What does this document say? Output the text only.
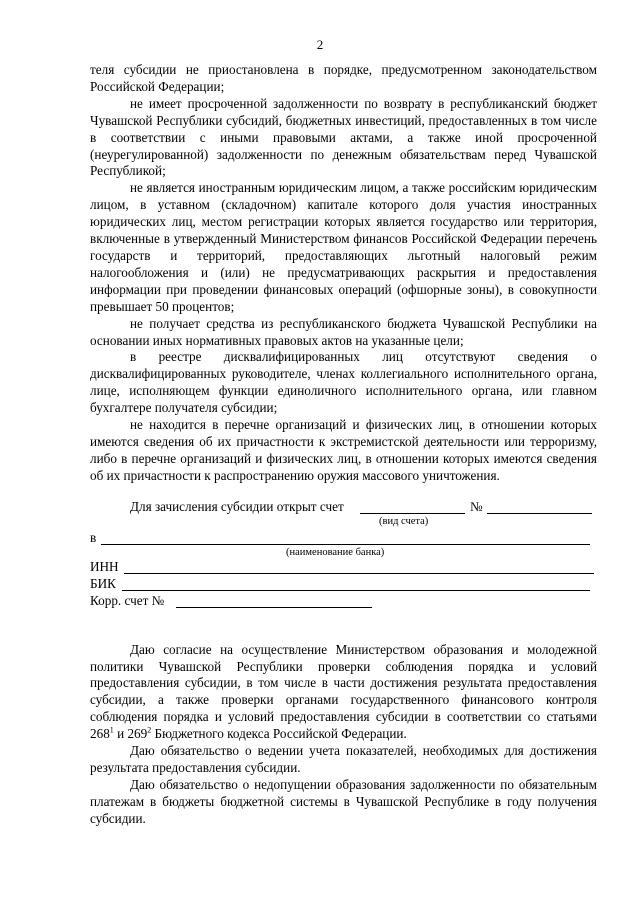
2

теля субсидии не приостановлена в порядке, предусмотренном законодательством Российской Федерации;

не имеет просроченной задолженности по возврату в республиканский бюджет Чувашской Республики субсидий, бюджетных инвестиций, предоставленных в том числе в соответствии с иными правовыми актами, а также иной просроченной (неурегулированной) задолженности по денежным обязательствам перед Чувашской Республикой;

не является иностранным юридическим лицом, а также российским юридическим лицом, в уставном (складочном) капитале которого доля участия иностранных юридических лиц, местом регистрации которых является государство или территория, включенные в утвержденный Министерством финансов Российской Федерации перечень государств и территорий, предоставляющих льготный налоговый режим налогообложения и (или) не предусматривающих раскрытия и предоставления информации при проведении финансовых операций (офшорные зоны), в совокупности превышает 50 процентов;

не получает средства из республиканского бюджета Чувашской Республики на основании иных нормативных правовых актов на указанные цели;

в реестре дисквалифицированных лиц отсутствуют сведения о дисквалифицированных руководителе, членах коллегиального исполнительного органа, лице, исполняющем функции единоличного исполнительного органа, или главном бухгалтере получателя субсидии;

не находится в перечне организаций и физических лиц, в отношении которых имеются сведения об их причастности к экстремистской деятельности или терроризму, либо в перечне организаций и физических лиц, в отношении которых имеются сведения об их причастности к распространению оружия массового уничтожения.

Для зачисления субсидии открыт счет	№
(вид счета)
в
(наименование банка)
ИНН
БИК
Корр. счет №

Даю согласие на осуществление Министерством образования и молодежной политики Чувашской Республики проверки соблюдения порядка и условий предоставления субсидии, в том числе в части достижения результата предоставления субсидии, а также проверки органами государственного финансового контроля соблюдения порядка и условий предоставления субсидии в соответствии со статьями $268^1$ и $269^2$ Бюджетного кодекса Российской Федерации.

Даю обязательство о ведении учета показателей, необходимых для достижения результата предоставления субсидии.

Даю обязательство о недопущении образования задолженности по обязательным платежам в бюджеты бюджетной системы в Чувашской Республике в году получения субсидии.
